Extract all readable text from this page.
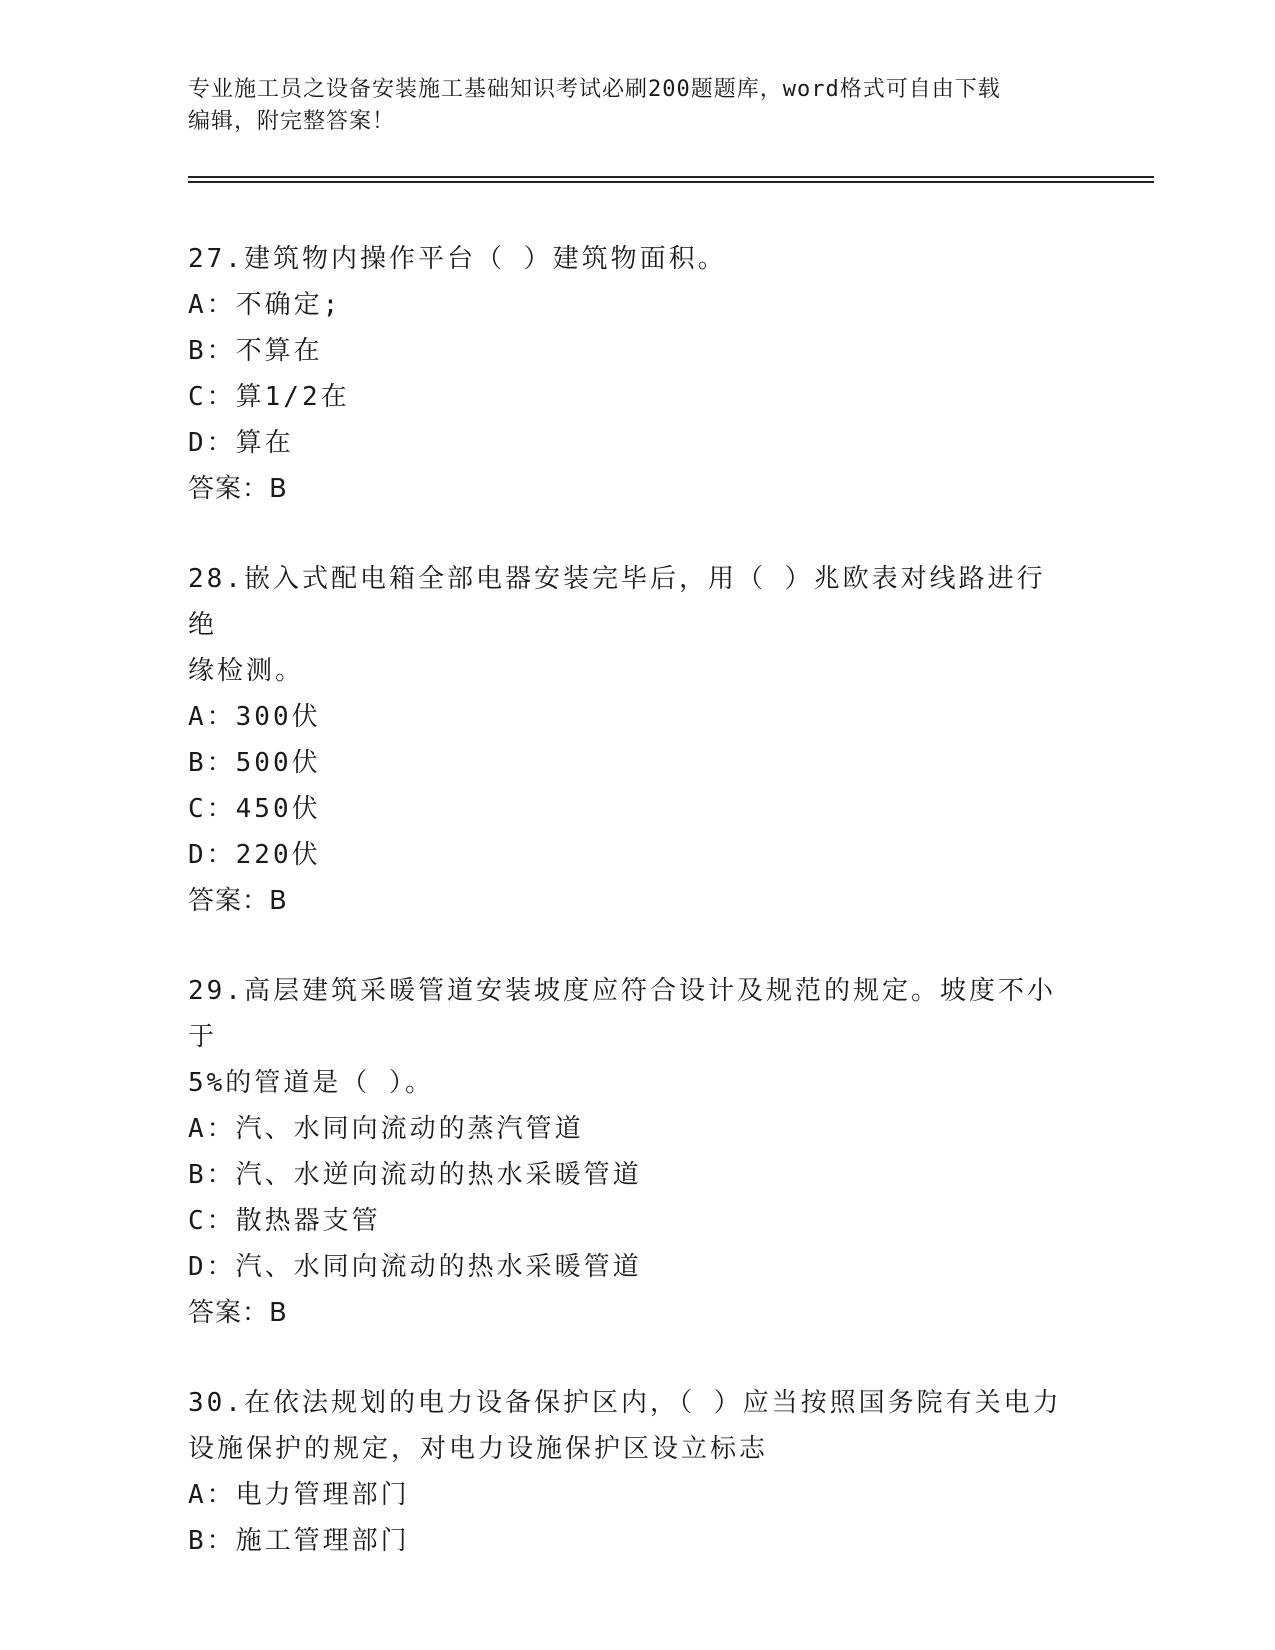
专业施工员之设备安装施工基础知识考试必刷200题题库，word格式可自由下载
编辑，附完整答案！
27.建筑物内操作平台（ ）建筑物面积。
A：不确定;
B：不算在
C：算1/2在
D：算在
答案：B
28.嵌入式配电箱全部电器安装完毕后，用（ ）兆欧表对线路进行绝
缘检测。
A：300伏
B：500伏
C：450伏
D：220伏
答案：B
29.高层建筑采暖管道安装坡度应符合设计及规范的规定。坡度不小于
5%的管道是（ ）。
A：汽、水同向流动的蒸汽管道
B：汽、水逆向流动的热水采暖管道
C：散热器支管
D：汽、水同向流动的热水采暖管道
答案：B
30.在依法规划的电力设备保护区内，（ ）应当按照国务院有关电力
设施保护的规定，对电力设施保护区设立标志
A：电力管理部门
B：施工管理部门
